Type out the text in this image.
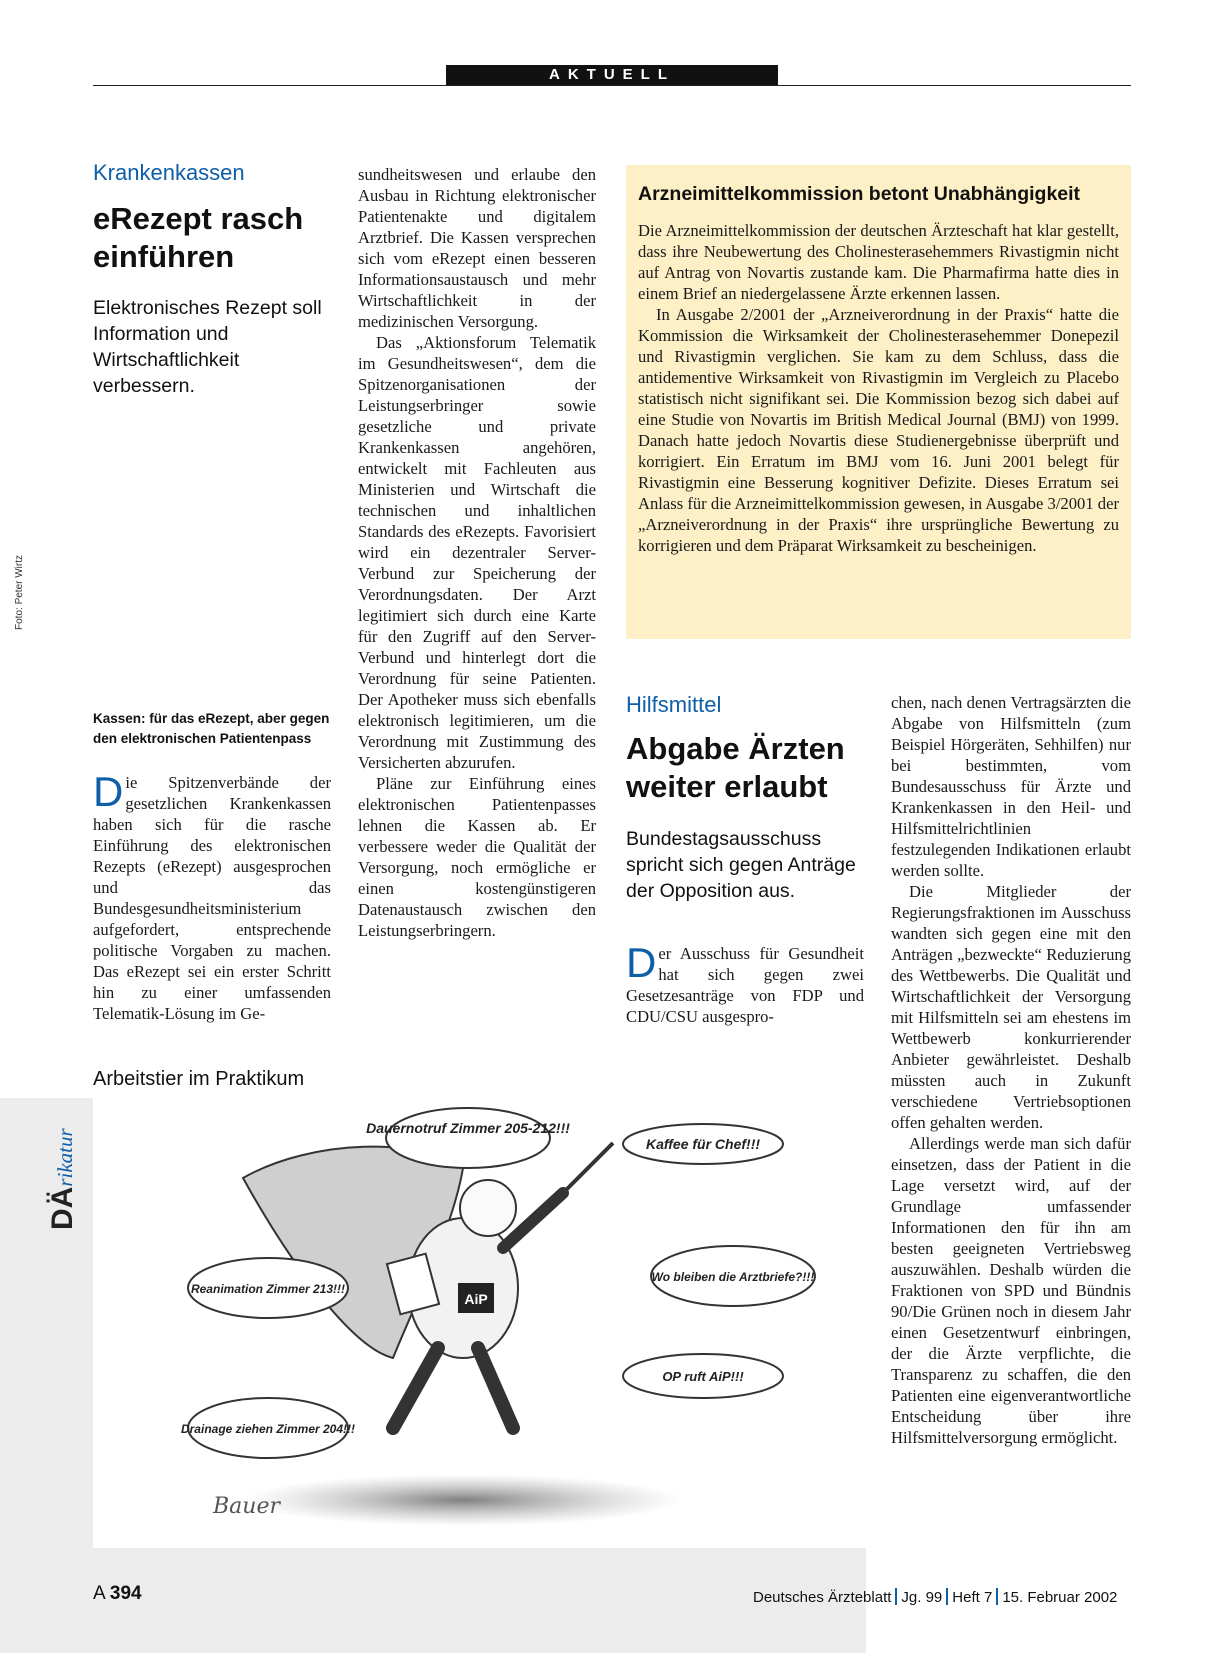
AKTUELL
Krankenkassen
eRezept rasch einführen

Elektronisches Rezept soll Information und Wirtschaftlichkeit verbessern.

Kassen: für das eRezept, aber gegen den elektronischen Patientenpass

Die Spitzenverbände der gesetzlichen Krankenkassen haben sich für die rasche Einführung des elektronischen Rezepts (eRezept) ausgesprochen und das Bundesgesundheitsministerium aufgefordert, entsprechende politische Vorgaben zu machen. Das eRezept sei ein erster Schritt hin zu einer umfassenden Telematik-Lösung im Ge-

sundheitswesen und erlaube den Ausbau in Richtung elektronischer Patientenakte und digitalem Arztbrief. Die Kassen versprechen sich vom eRezept einen besseren Informationsaustausch und mehr Wirtschaftlichkeit in der medizinischen Versorgung.

Das „Aktionsforum Telematik im Gesundheitswesen“, dem die Spitzenorganisationen der Leistungserbringer sowie gesetzliche und private Krankenkassen angehören, entwickelt mit Fachleuten aus Ministerien und Wirtschaft die technischen und inhaltlichen Standards des eRezepts. Favorisiert wird ein dezentraler Server-Verbund zur Speicherung der Verordnungsdaten. Der Arzt legitimiert sich durch eine Karte für den Zugriff auf den Server-Verbund und hinterlegt dort die Verordnung für seine Patienten. Der Apotheker muss sich ebenfalls elektronisch legitimieren, um die Verordnung mit Zustimmung des Versicherten abzurufen.

Pläne zur Einführung eines elektronischen Patientenpasses lehnen die Kassen ab. Er verbessere weder die Qualität der Versorgung, noch ermögliche er einen kostengünstigeren Datenaustausch zwischen den Leistungserbringern.

Arzneimittelkommission betont Unabhängigkeit

Die Arzneimittelkommission der deutschen Ärzteschaft hat klar gestellt, dass ihre Neubewertung des Cholinesterasehemmers Rivastigmin nicht auf Antrag von Novartis zustande kam. Die Pharmafirma hatte dies in einem Brief an niedergelassene Ärzte erkennen lassen.

In Ausgabe 2/2001 der „Arzneiverordnung in der Praxis“ hatte die Kommission die Wirksamkeit der Cholinesterasehemmer Donepezil und Rivastigmin verglichen. Sie kam zu dem Schluss, dass die antidementive Wirksamkeit von Rivastigmin im Vergleich zu Placebo statistisch nicht signifikant sei. Die Kommission bezog sich dabei auf eine Studie von Novartis im British Medical Journal (BMJ) von 1999. Danach hatte jedoch Novartis diese Studienergebnisse überprüft und korrigiert. Ein Erratum im BMJ vom 16. Juni 2001 belegt für Rivastigmin eine Besserung kognitiver Defizite. Dieses Erratum sei Anlass für die Arzneimittelkommission gewesen, in Ausgabe 3/2001 der „Arzneiverordnung in der Praxis“ ihre ursprüngliche Bewertung zu korrigieren und dem Präparat Wirksamkeit zu bescheinigen.

Hilfsmittel
Abgabe Ärzten weiter erlaubt

Bundestagsausschuss spricht sich gegen Anträge der Opposition aus.

Der Ausschuss für Gesundheit hat sich gegen zwei Gesetzesanträge von FDP und CDU/CSU ausgespro-

chen, nach denen Vertragsärzten die Abgabe von Hilfsmitteln (zum Beispiel Hörgeräten, Sehhilfen) nur bei bestimmten, vom Bundesausschuss für Ärzte und Krankenkassen in den Heil- und Hilfsmittelrichtlinien festzulegenden Indikationen erlaubt werden sollte.

Die Mitglieder der Regierungsfraktionen im Ausschuss wandten sich gegen eine mit den Anträgen „bezweckte“ Reduzierung des Wettbewerbs. Die Qualität und Wirtschaftlichkeit der Versorgung mit Hilfsmitteln sei am ehestens im Wettbewerb konkurrierender Anbieter gewährleistet. Deshalb müssten auch in Zukunft verschiedene Vertriebsoptionen offen gehalten werden.

Allerdings werde man sich dafür einsetzen, dass der Patient in die Lage versetzt wird, auf der Grundlage umfassender Informationen den für ihn am besten geeigneten Vertriebsweg auszuwählen. Deshalb würden die Fraktionen von SPD und Bündnis 90/Die Grünen noch in diesem Jahr einen Gesetzentwurf einbringen, der die Ärzte verpflichte, die Transparenz zu schaffen, die den Patienten eine eigenverantwortliche Entscheidung über ihre Hilfsmittelversorgung ermöglicht.

Foto: Peter Wirtz
Arbeitstier im Praktikum
DÄrikatur
AiP
Dauernotruf Zimmer 205-212!!!
Kaffee für Chef!!!
Reanimation Zimmer 213!!!
Wo bleiben die Arztbriefe?!!!
OP ruft AiP!!!
Drainage ziehen Zimmer 204!!!
Bauer
A 394	Deutsches Ärzteblatt Jg. 99 Heft 7 15. Februar 2002
